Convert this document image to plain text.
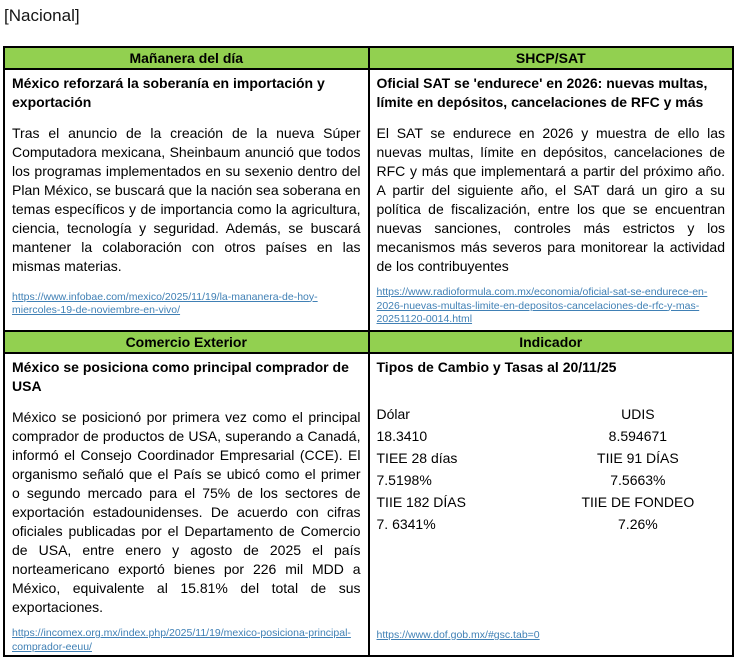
[Nacional]
Mañanera del día	SHCP/SAT
México reforzará la soberanía en importación y exportación
Tras el anuncio de la creación de la nueva Súper Computadora mexicana, Sheinbaum anunció que todos los programas implementados en su sexenio dentro del Plan México, se buscará que la nación sea soberana en temas específicos y de importancia como la agricultura, ciencia, tecnología y seguridad. Además, se buscará mantener la colaboración con otros países en las mismas materias.
https://www.infobae.com/mexico/2025/11/19/la-mananera-de-hoy-miercoles-19-de-noviembre-en-vivo/
Oficial SAT se 'endurece' en 2026: nuevas multas, límite en depósitos, cancelaciones de RFC y más
El SAT se endurece en 2026 y muestra de ello las nuevas multas, límite en depósitos, cancelaciones de RFC y más que implementará a partir del próximo año. A partir del siguiente año, el SAT dará un giro a su política de fiscalización, entre los que se encuentran nuevas sanciones, controles más estrictos y los mecanismos más severos para monitorear la actividad de los contribuyentes
https://www.radioformula.com.mx/economia/oficial-sat-se-endurece-en-2026-nuevas-multas-limite-en-depositos-cancelaciones-de-rfc-y-mas-20251120-0014.html
Comercio Exterior	Indicador
México se posiciona como principal comprador de USA
México se posicionó por primera vez como el principal comprador de productos de USA, superando a Canadá, informó el Consejo Coordinador Empresarial (CCE). El organismo señaló que el País se ubicó como el primer o segundo mercado para el 75% de los sectores de exportación estadounidenses. De acuerdo con cifras oficiales publicadas por el Departamento de Comercio de USA, entre enero y agosto de 2025 el país norteamericano exportó bienes por 226 mil MDD a México, equivalente al 15.81% del total de sus exportaciones.
https://incomex.org.mx/index.php/2025/11/19/mexico-posiciona-principal-comprador-eeuu/
Tipos de Cambio y Tasas al 20/11/25
Dólar	UDIS
18.3410	8.594671
TIEE 28 días	TIIE 91 DÍAS
7.5198%	7.5663%
TIIE 182 DÍAS	TIIE DE FONDEO
7. 6341%	7.26%
https://www.dof.gob.mx/#gsc.tab=0
